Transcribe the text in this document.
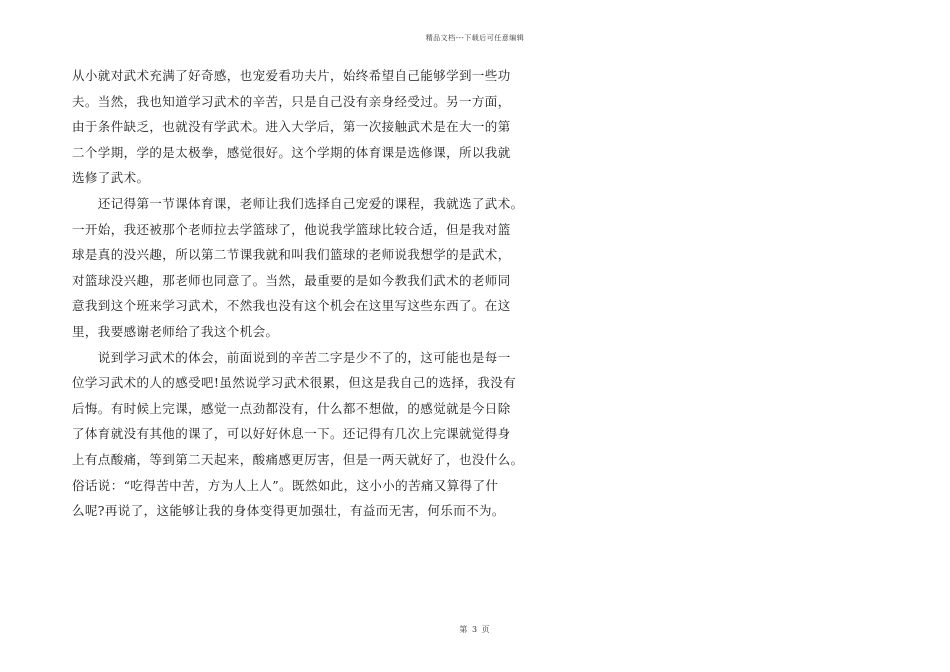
精品文档---下载后可任意编辑
从小就对武术充满了好奇感，也宠爱看功夫片，始终希望自己能够学到一些功
夫。当然，我也知道学习武术的辛苦，只是自己没有亲身经受过。另一方面，
由于条件缺乏，也就没有学武术。进入大学后，第一次接触武术是在大一的第
二个学期，学的是太极拳，感觉很好。这个学期的体育课是选修课，所以我就
选修了武术。
　　还记得第一节课体育课，老师让我们选择自己宠爱的课程，我就选了武术。
一开始，我还被那个老师拉去学篮球了，他说我学篮球比较合适，但是我对篮
球是真的没兴趣，所以第二节课我就和叫我们篮球的老师说我想学的是武术，
对篮球没兴趣，那老师也同意了。当然，最重要的是如今教我们武术的老师同
意我到这个班来学习武术，不然我也没有这个机会在这里写这些东西了。在这
里，我要感谢老师给了我这个机会。
　　说到学习武术的体会，前面说到的辛苦二字是少不了的，这可能也是每一
位学习武术的人的感受吧!虽然说学习武术很累，但这是我自己的选择，我没有
后悔。有时候上完课，感觉一点劲都没有，什么都不想做，的感觉就是今日除
了体育就没有其他的课了，可以好好休息一下。还记得有几次上完课就觉得身
上有点酸痛，等到第二天起来，酸痛感更厉害，但是一两天就好了，也没什么。
俗话说：“吃得苦中苦，方为人上人”。既然如此，这小小的苦痛又算得了什
么呢?再说了，这能够让我的身体变得更加强壮，有益而无害，何乐而不为。
第 3 页
